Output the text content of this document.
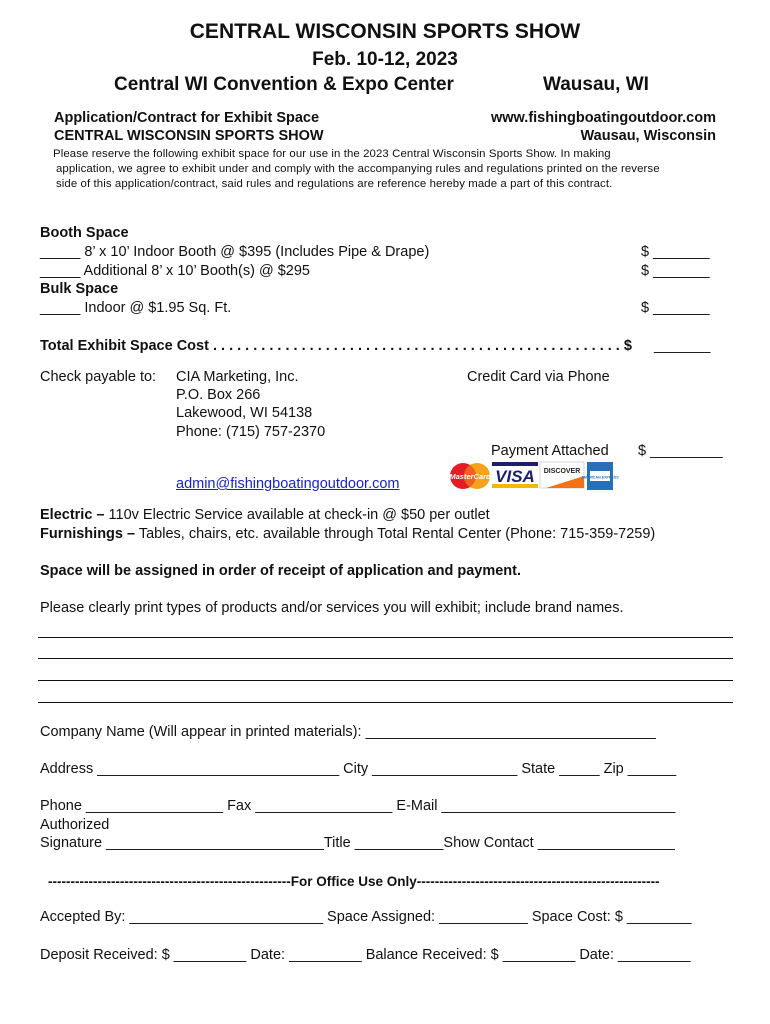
CENTRAL WISCONSIN SPORTS SHOW
Feb. 10-12, 2023
Central WI Convention & Expo Center	Wausau, WI
Application/Contract for Exhibit Space
CENTRAL WISCONSIN SPORTS SHOW
www.fishingboatingoutdoor.com
Wausau, Wisconsin
Please reserve the following exhibit space for our use in the 2023 Central Wisconsin Sports Show. In making
application, we agree to exhibit under and comply with the accompanying rules and regulations printed on the reverse
side of this application/contract, said rules and regulations are reference hereby made a part of this contract.
Booth Space
_____ 8’ x 10’ Indoor Booth @ $395 (Includes Pipe & Drape)	$ _______
_____ Additional 8’ x 10’ Booth(s) @ $295	$ _______
Bulk Space
_____ Indoor @ $1.95 Sq. Ft.	$ _______
Total Exhibit Space Cost . . . . . . . . . . . . . . . . . . . . . . . . . . . . . . . . . . . . . . . . . . . . . . . . . . . $ _______
Check payable to: CIA Marketing, Inc.
P.O. Box 266
Lakewood, WI 54138
Phone: (715) 757-2370
Credit Card via Phone
Payment Attached $ _________
admin@fishingboatingoutdoor.com	MasterCard VISA DISCOVER
AMERICAN EXPRESS
Electric – 110v Electric Service available at check-in @ $50 per outlet
Furnishings – Tables, chairs, etc. available through Total Rental Center (Phone: 715-359-7259)
Space will be assigned in order of receipt of application and payment.
Please clearly print types of products and/or services you will exhibit; include brand names.
Company Name (Will appear in printed materials): ____________________________________
Address ______________________________ City __________________ State _____ Zip ______
Phone _________________ Fax _________________ E-Mail _____________________________
Authorized
Signature ___________________________Title ___________Show Contact _________________
------------------------------------------------------For Office Use Only------------------------------------------------------
Accepted By: ________________________ Space Assigned: ___________ Space Cost: $ ________
Deposit Received: $ _________ Date: _________ Balance Received: $ _________ Date: _________
